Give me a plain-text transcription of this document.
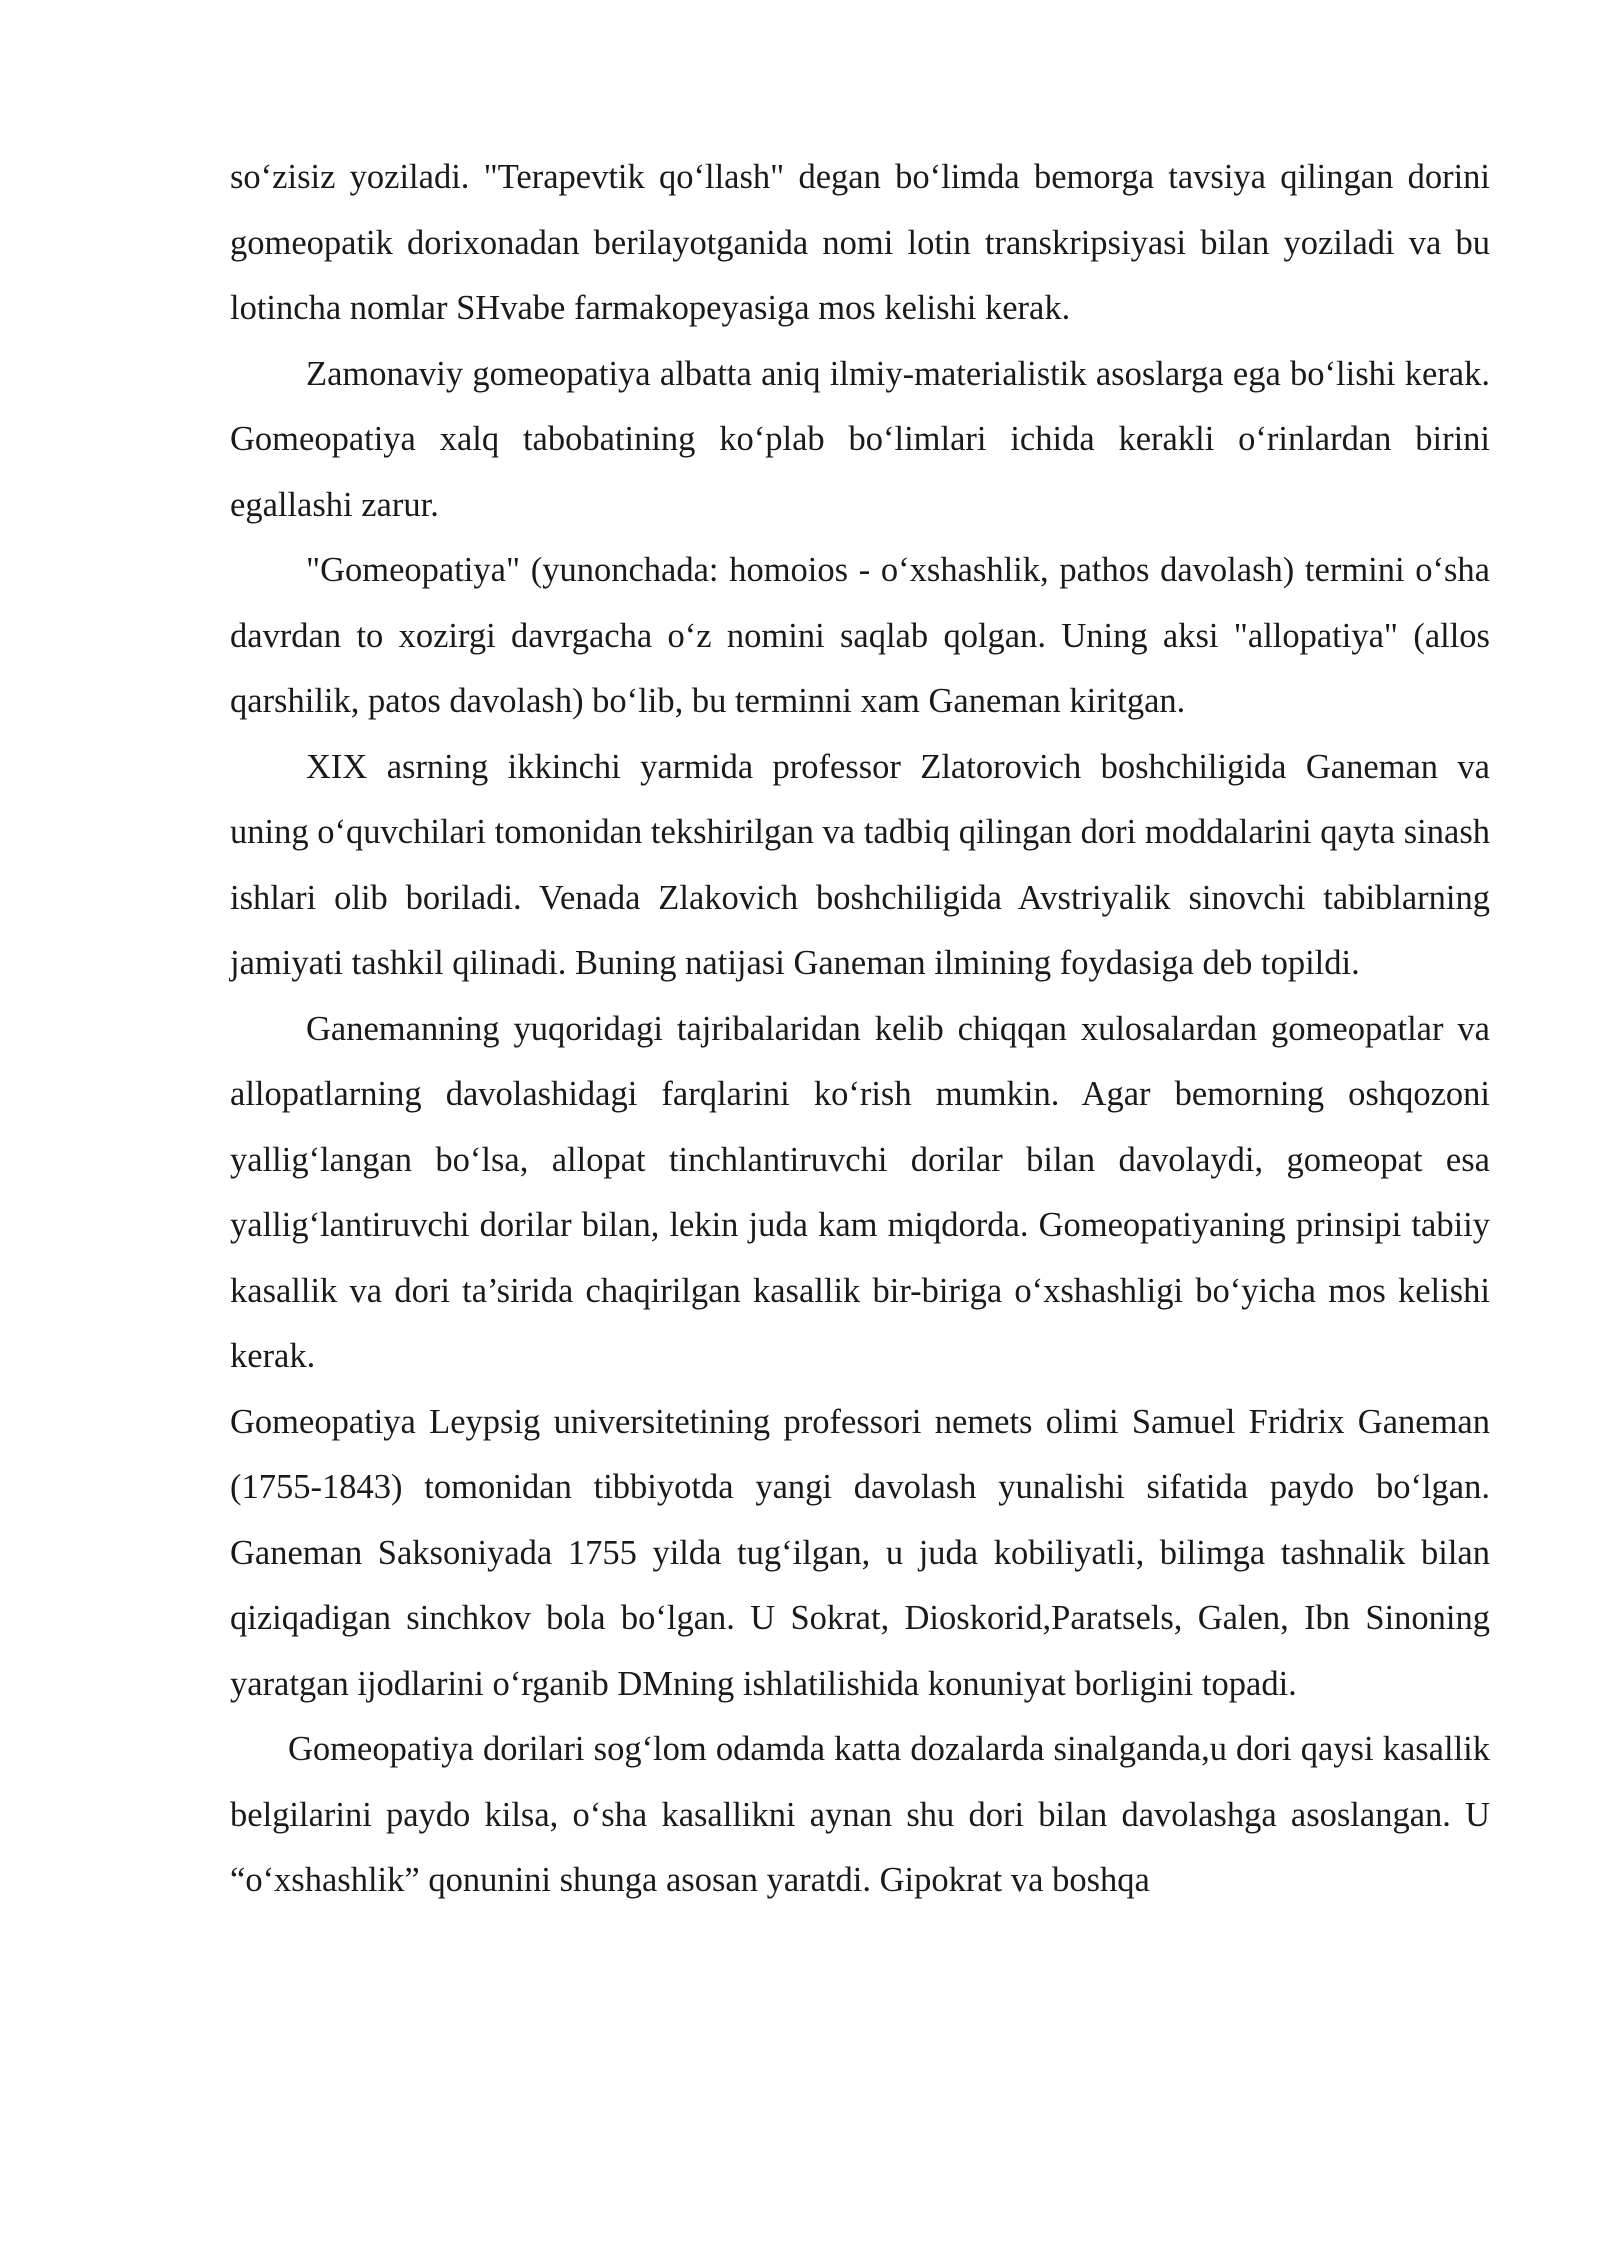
so‘zisiz yoziladi. "Terapevtik qo‘llash" degan bo‘limda bemorga tavsiya qilingan dorini gomeopatik dorixonadan berilayotganida nomi lotin transkripsiyasi bilan yoziladi va bu lotincha nomlar SHvabe farmakopeyasiga mos kelishi kerak.

Zamonaviy gomeopatiya albatta aniq ilmiy-materialistik asoslarga ega bo‘lishi kerak. Gomeopatiya xalq tabobatining ko‘plab bo‘limlari ichida kerakli o‘rinlardan birini egallashi zarur.

"Gomeopatiya" (yunonchada: homoios - o‘xshashlik, pathos davolash) termini o‘sha davrdan to xozirgi davrgacha o‘z nomini saqlab qolgan. Uning aksi "allopatiya" (allos qarshilik, patos davolash) bo‘lib, bu terminni xam Ganeman kiritgan.

XIX asrning ikkinchi yarmida professor Zlatorovich boshchiligida Ganeman va uning o‘quvchilari tomonidan tekshirilgan va tadbiq qilingan dori moddalarini qayta sinash ishlari olib boriladi. Venada Zlakovich boshchiligida Avstriyalik sinovchi tabiblarning jamiyati tashkil qilinadi. Buning natijasi Ganeman ilmining foydasiga deb topildi.

Ganemanning yuqoridagi tajribalaridan kelib chiqqan xulosalardan gomeopatlar va allopatlarning davolashidagi farqlarini ko‘rish mumkin. Agar bemorning oshqozoni yallig‘langan bo‘lsa, allopat tinchlantiruvchi dorilar bilan davolaydi, gomeopat esa yallig‘lantiruvchi dorilar bilan, lekin juda kam miqdorda. Gomeopatiyaning prinsipi tabiiy kasallik va dori ta’sirida chaqirilgan kasallik bir-biriga o‘xshashligi bo‘yicha mos kelishi kerak.

Gomeopatiya Leypsig universitetining professori nemets olimi Samuel Fridrix Ganeman (1755-1843) tomonidan tibbiyotda yangi davolash yunalishi sifatida paydo bo‘lgan. Ganeman Saksoniyada 1755 yilda tug‘ilgan, u juda kobiliyatli, bilimga tashnalik bilan qiziqadigan sinchkov bola bo‘lgan. U Sokrat, Dioskorid,Paratsels, Galen, Ibn Sinoning yaratgan ijodlarini o‘rganib DMning ishlatilishida konuniyat borligini topadi.

Gomeopatiya dorilari sog‘lom odamda katta dozalarda sinalganda,u dori qaysi kasallik belgilarini paydo kilsa, o‘sha kasallikni aynan shu dori bilan davolashga asoslangan. U “o‘xshashlik” qonunini shunga asosan yaratdi. Gipokrat va boshqa
